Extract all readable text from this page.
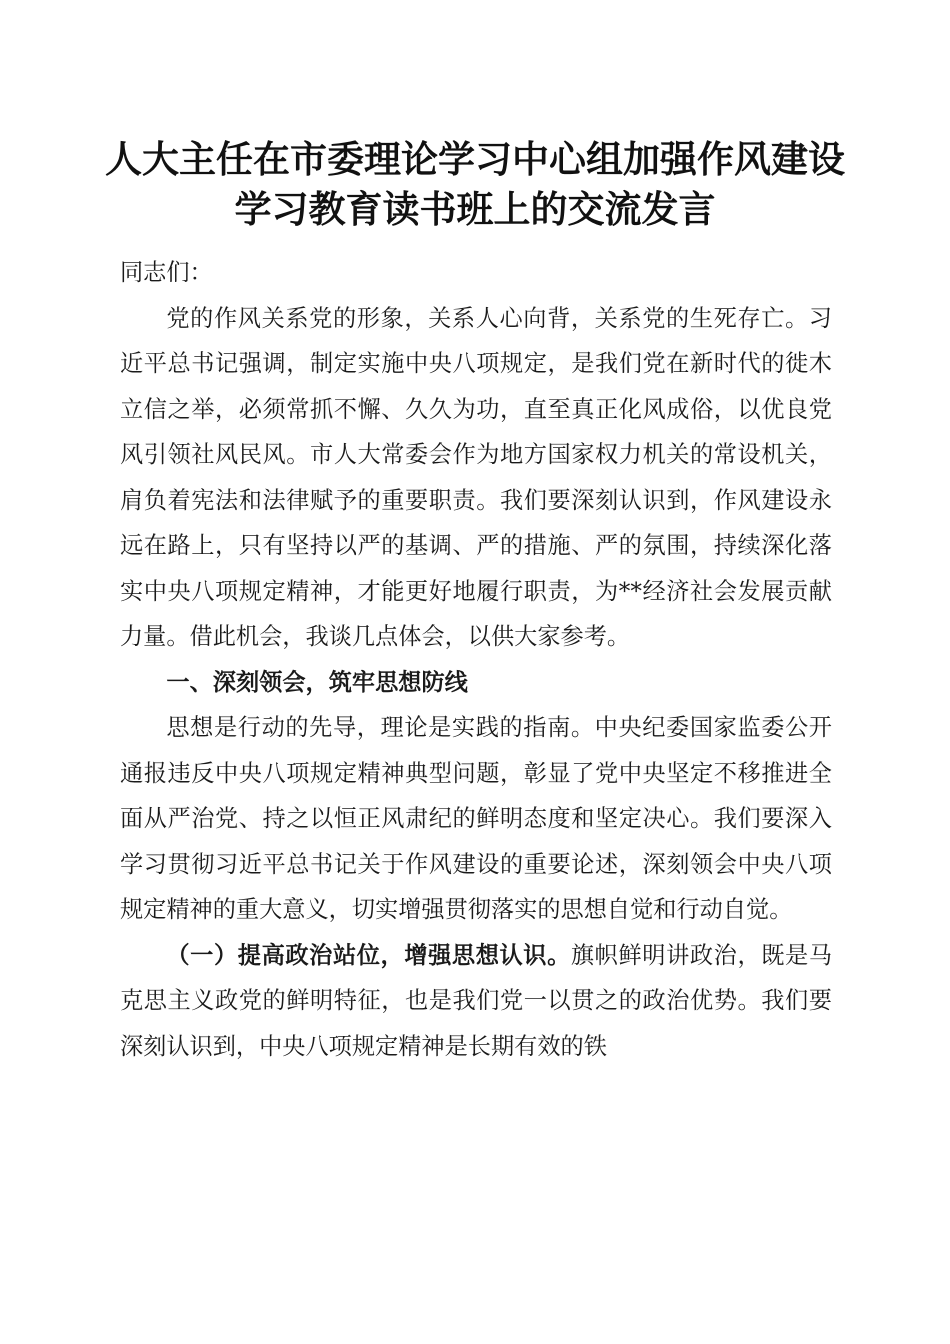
人大主任在市委理论学习中心组加强作风建设
学习教育读书班上的交流发言

同志们：

党的作风关系党的形象，关系人心向背，关系党的生死存亡。习近平总书记强调，制定实施中央八项规定，是我们党在新时代的徙木立信之举，必须常抓不懈、久久为功，直至真正化风成俗，以优良党风引领社风民风。市人大常委会作为地方国家权力机关的常设机关，肩负着宪法和法律赋予的重要职责。我们要深刻认识到，作风建设永远在路上，只有坚持以严的基调、严的措施、严的氛围，持续深化落实中央八项规定精神，才能更好地履行职责，为**经济社会发展贡献力量。借此机会，我谈几点体会，以供大家参考。

一、深刻领会，筑牢思想防线

思想是行动的先导，理论是实践的指南。中央纪委国家监委公开通报违反中央八项规定精神典型问题，彰显了党中央坚定不移推进全面从严治党、持之以恒正风肃纪的鲜明态度和坚定决心。我们要深入学习贯彻习近平总书记关于作风建设的重要论述，深刻领会中央八项规定精神的重大意义，切实增强贯彻落实的思想自觉和行动自觉。

（一）提高政治站位，增强思想认识。旗帜鲜明讲政治，既是马克思主义政党的鲜明特征，也是我们党一以贯之的政治优势。我们要深刻认识到，中央八项规定精神是长期有效的铁
